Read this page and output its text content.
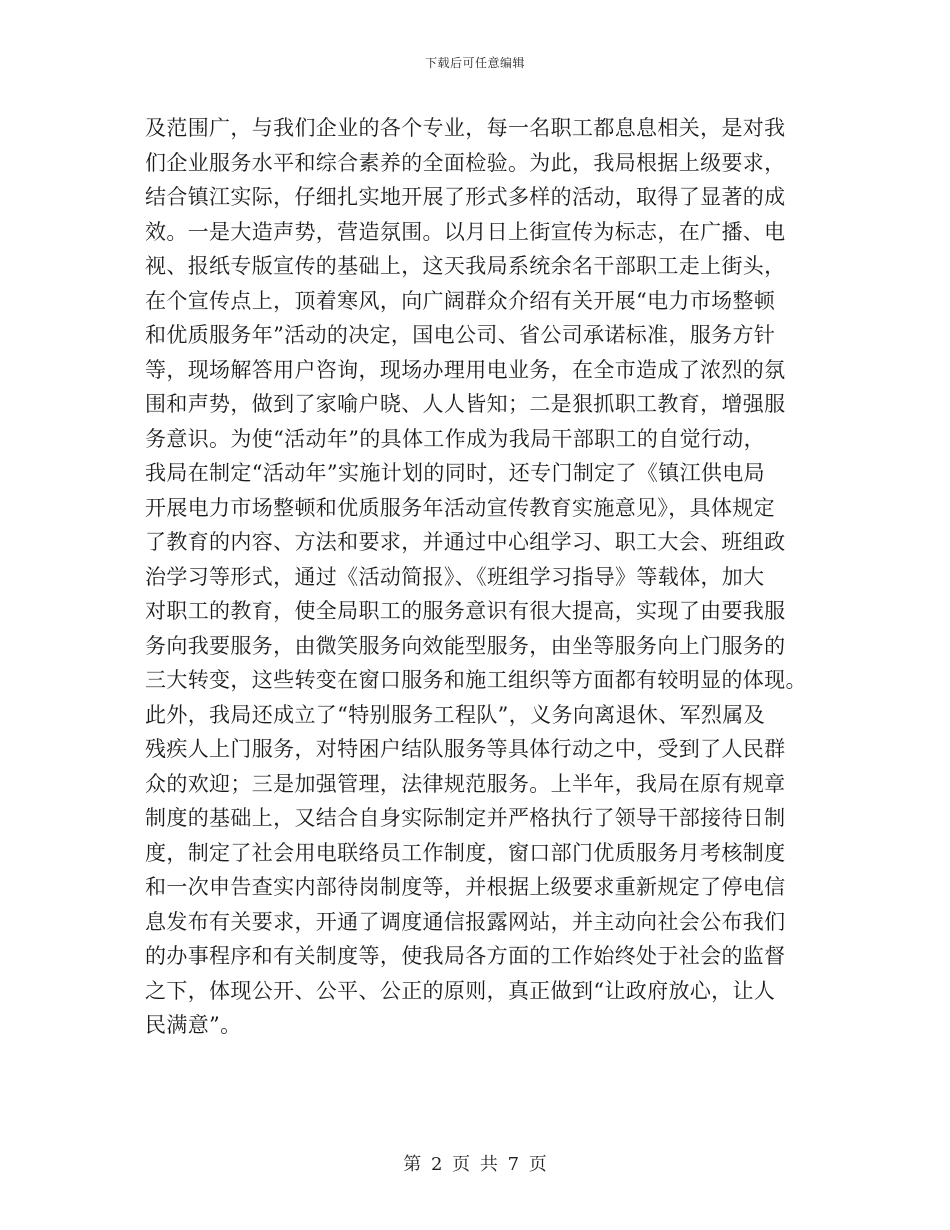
下载后可任意编辑
及范围广，与我们企业的各个专业，每一名职工都息息相关，是对我
们企业服务水平和综合素养的全面检验。为此，我局根据上级要求，
结合镇江实际，仔细扎实地开展了形式多样的活动，取得了显著的成
效。一是大造声势，营造氛围。以月日上街宣传为标志，在广播、电
视、报纸专版宣传的基础上，这天我局系统余名干部职工走上街头，
在个宣传点上，顶着寒风，向广阔群众介绍有关开展“电力市场整顿
和优质服务年”活动的决定，国电公司、省公司承诺标准，服务方针
等，现场解答用户咨询，现场办理用电业务，在全市造成了浓烈的氛
围和声势，做到了家喻户晓、人人皆知；二是狠抓职工教育，增强服
务意识。为使“活动年”的具体工作成为我局干部职工的自觉行动，
我局在制定“活动年”实施计划的同时，还专门制定了《镇江供电局
开展电力市场整顿和优质服务年活动宣传教育实施意见》，具体规定
了教育的内容、方法和要求，并通过中心组学习、职工大会、班组政
治学习等形式，通过《活动简报》、《班组学习指导》等载体，加大
对职工的教育，使全局职工的服务意识有很大提高，实现了由要我服
务向我要服务，由微笑服务向效能型服务，由坐等服务向上门服务的
三大转变，这些转变在窗口服务和施工组织等方面都有较明显的体现。
此外，我局还成立了“特别服务工程队”，义务向离退休、军烈属及
残疾人上门服务，对特困户结队服务等具体行动之中，受到了人民群
众的欢迎；三是加强管理，法律规范服务。上半年，我局在原有规章
制度的基础上，又结合自身实际制定并严格执行了领导干部接待日制
度，制定了社会用电联络员工作制度，窗口部门优质服务月考核制度
和一次申告查实内部待岗制度等，并根据上级要求重新规定了停电信
息发布有关要求，开通了调度通信报露网站，并主动向社会公布我们
的办事程序和有关制度等，使我局各方面的工作始终处于社会的监督
之下，体现公开、公平、公正的原则，真正做到“让政府放心，让人
民满意”。
第 2 页 共 7 页
